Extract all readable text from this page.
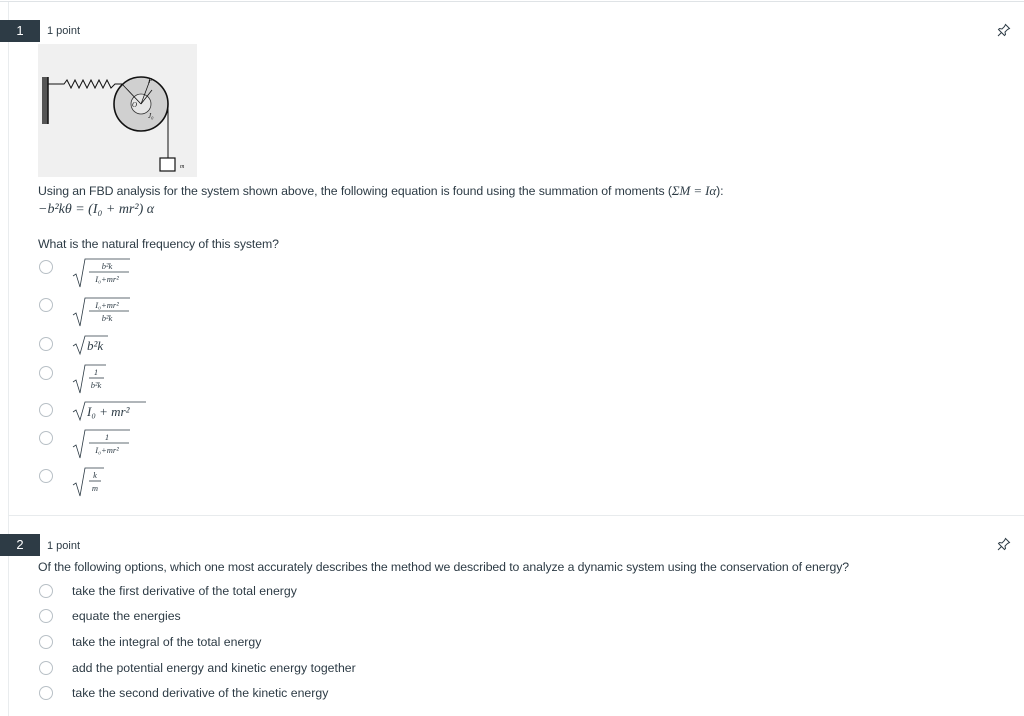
1	1 point
m
J₀
O
P
Using an FBD analysis for the system shown above, the following equation is found using the summation of moments (ΣM = Iα):
−b²kθ = (I₀ + mr²) α
What is the natural frequency of this system?
b²k
I₀+mr²
I₀+mr²
b²k
b²k
1
b²k
I₀ + mr²
1
I₀+mr²
k
m
2	1 point
Of the following options, which one most accurately describes the method we described to analyze a dynamic system using the conservation of energy?
take the first derivative of the total energy
equate the energies
take the integral of the total energy
add the potential energy and kinetic energy together
take the second derivative of the kinetic energy
